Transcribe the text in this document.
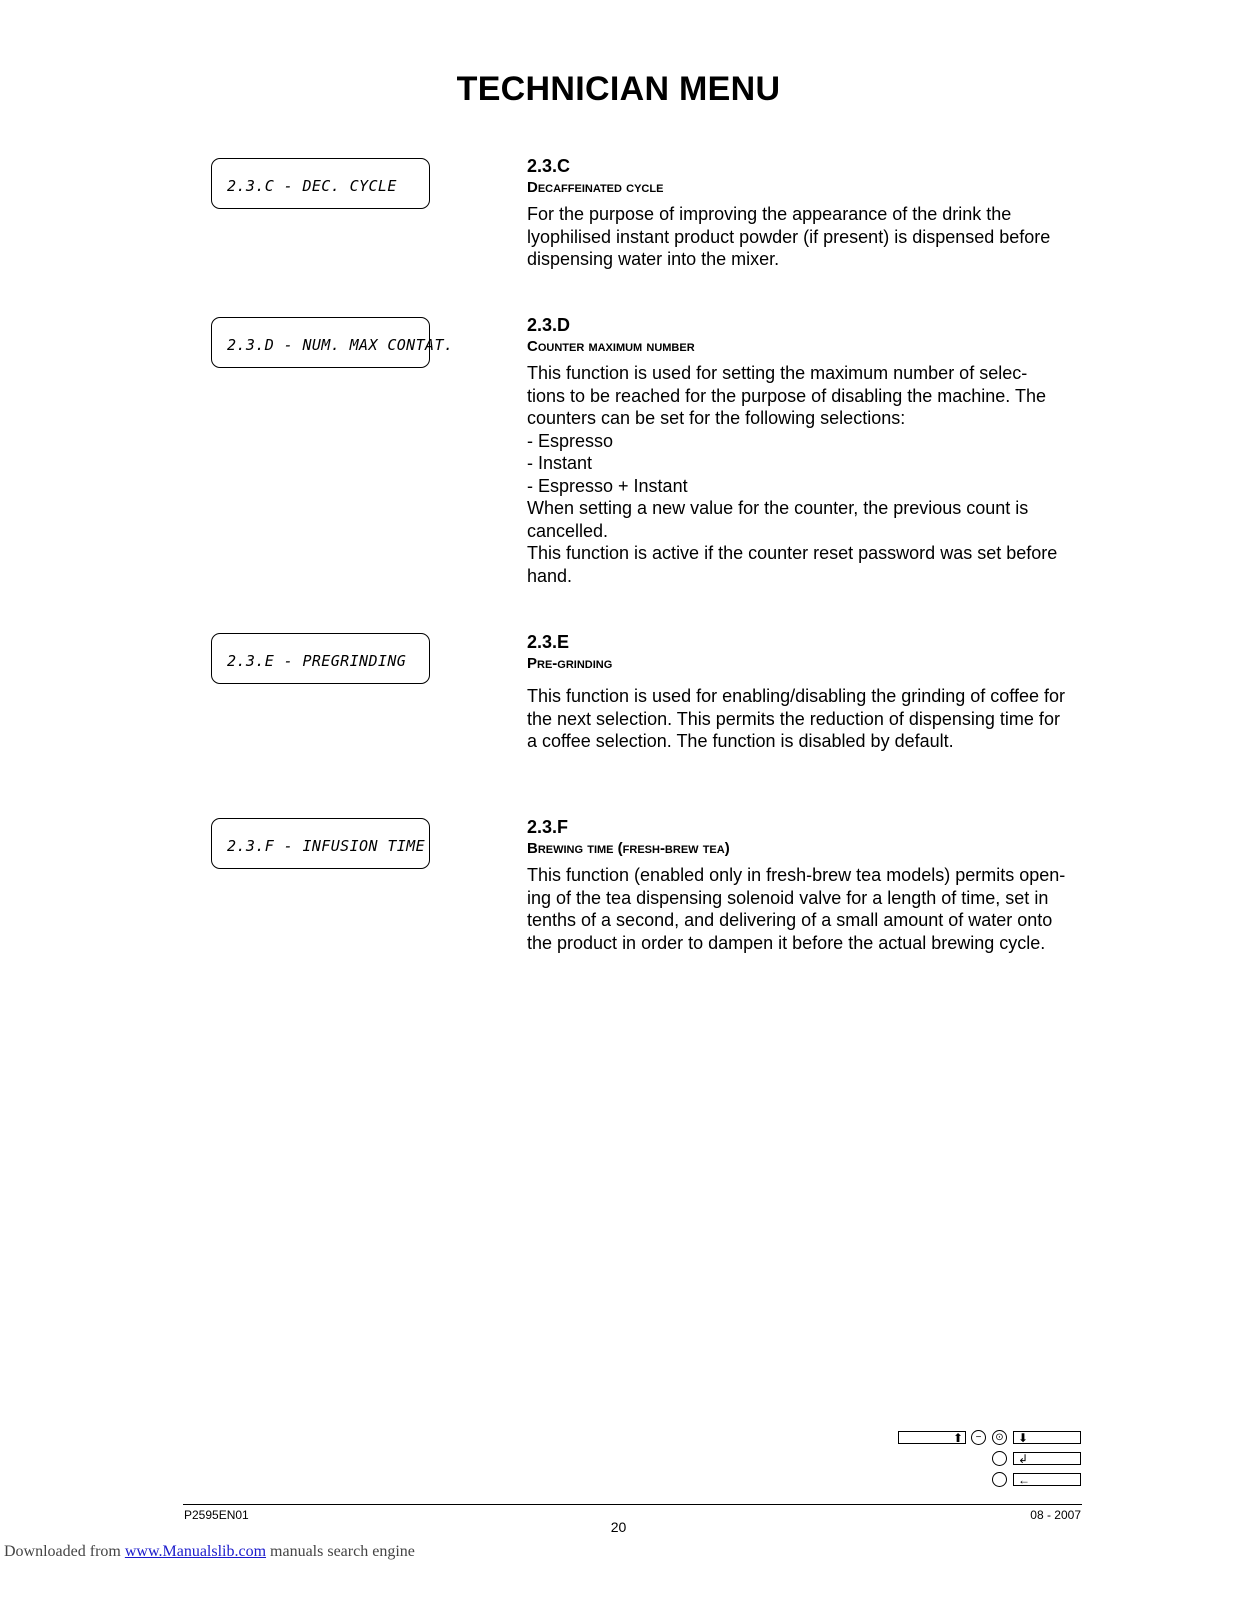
TECHNICIAN MENU
2.3.C - DEC. CYCLE
2.3.C
Decaffeinated cycle

For the purpose of improving the appearance of the drink the
lyophilised instant product powder (if present) is dispensed before
dispensing water into the mixer.

2.3.D - NUM. MAX CONTAT.
2.3.D
Counter maximum number

This function is used for setting the maximum number of selec-
tions to be reached for the purpose of disabling the machine. The
counters can be set for the following selections:
- Espresso
- Instant
- Espresso + Instant
When setting a new value for the counter, the previous count is
cancelled.
This function is active if the counter reset password was set before
hand.

2.3.E - PREGRINDING
2.3.E
Pre-grinding

This function is used for enabling/disabling the grinding of coffee for
the next selection. This permits the reduction of dispensing time for
a coffee selection. The function is disabled by default.

2.3.F - INFUSION TIME
2.3.F
Brewing time (fresh-brew tea)

This function (enabled only in fresh-brew tea models) permits open-
ing of the tea dispensing solenoid valve for a length of time, set in
tenths of a second, and delivering of a small amount of water onto
the product in order to dampen it before the actual brewing cycle.

⬆	−	⊙ ⬇
↲
←
P2595EN01	08 - 2007
20
Downloaded from www.Manualslib.com manuals search engine
